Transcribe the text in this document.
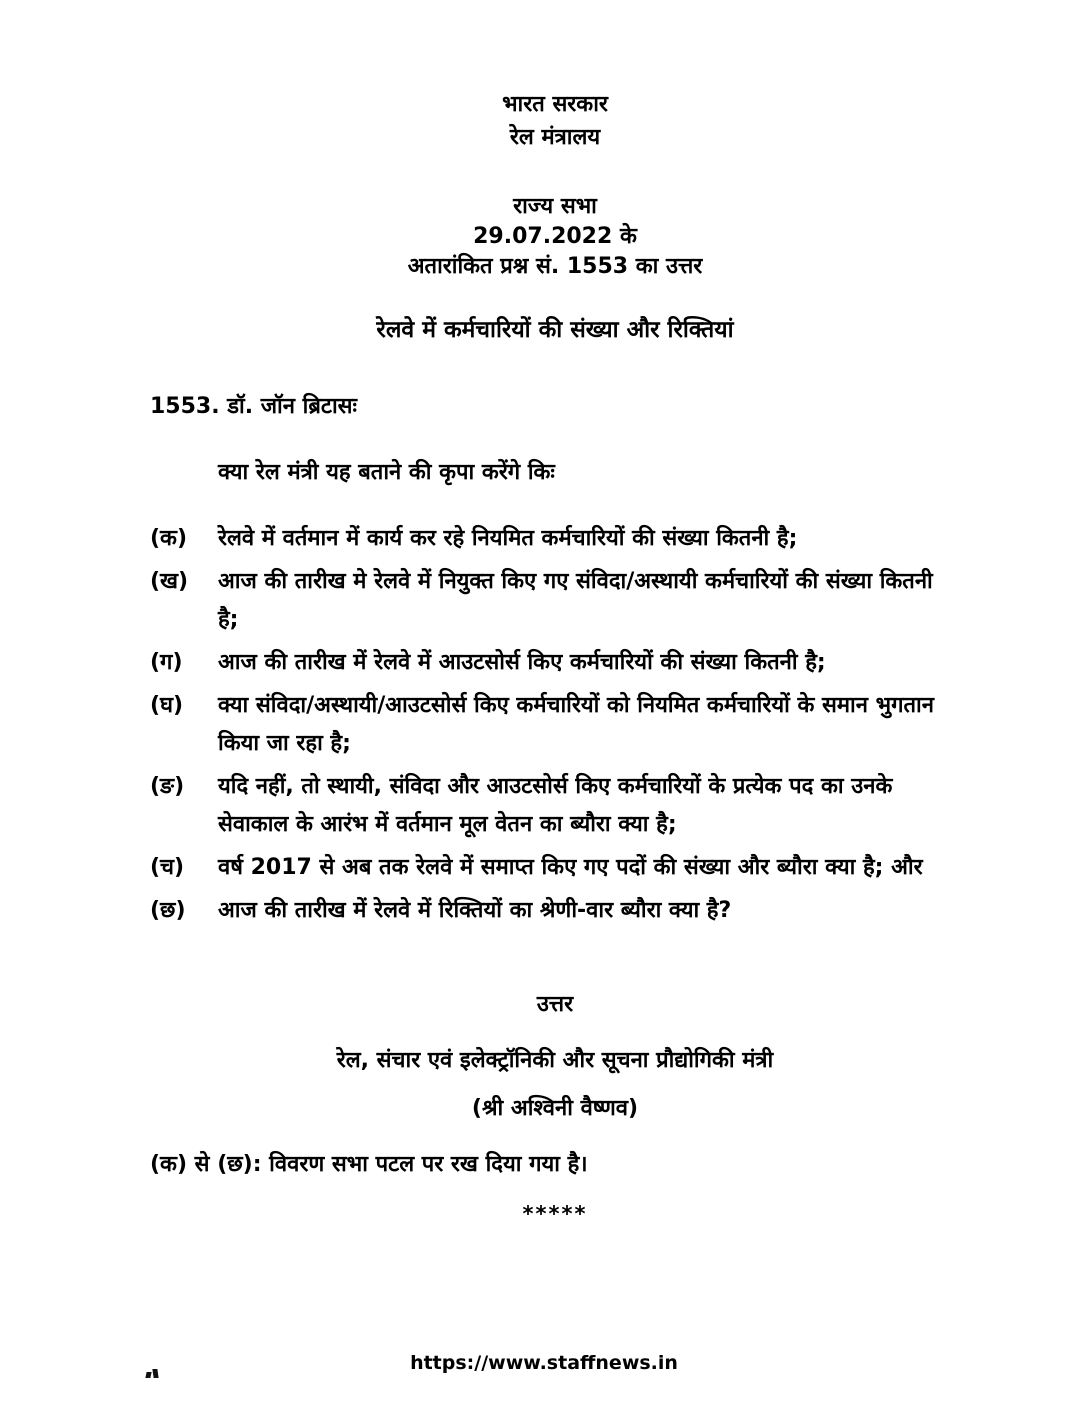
भारत सरकार
रेल मंत्रालय
राज्य सभा
29.07.2022 के
अतारांकित प्रश्न सं. 1553 का उत्तर
रेलवे में कर्मचारियों की संख्या और रिक्तियां
1553. डॉ. जॉन ब्रिटासः
क्या रेल मंत्री यह बताने की कृपा करेंगे किः
(क)	रेलवे में वर्तमान में कार्य कर रहे नियमित कर्मचारियों की संख्या कितनी है;
(ख)	आज की तारीख मे रेलवे में नियुक्त किए गए संविदा/अस्थायी कर्मचारियों की संख्या कितनी है;
(ग)	आज की तारीख में रेलवे में आउटसोर्स किए कर्मचारियों की संख्या कितनी है;
(घ)	क्या संविदा/अस्थायी/आउटसोर्स किए कर्मचारियों को नियमित कर्मचारियों के समान भुगतान किया जा रहा है;
(ङ)	यदि नहीं, तो स्थायी, संविदा और आउटसोर्स किए कर्मचारियों के प्रत्येक पद का उनके सेवाकाल के आरंभ में वर्तमान मूल वेतन का ब्यौरा क्या है;
(च)	वर्ष 2017 से अब तक रेलवे में समाप्त किए गए पदों की संख्या और ब्यौरा क्या है; और
(छ)	आज की तारीख में रेलवे में रिक्तियों का श्रेणी-वार ब्यौरा क्या है?
उत्तर
रेल, संचार एवं इलेक्ट्रॉनिकी और सूचना प्रौद्योगिकी मंत्री
(श्री अश्विनी वैष्णव)
(क) से (छ): विवरण सभा पटल पर रख दिया गया है।
*****
https://www.staffnews.in
